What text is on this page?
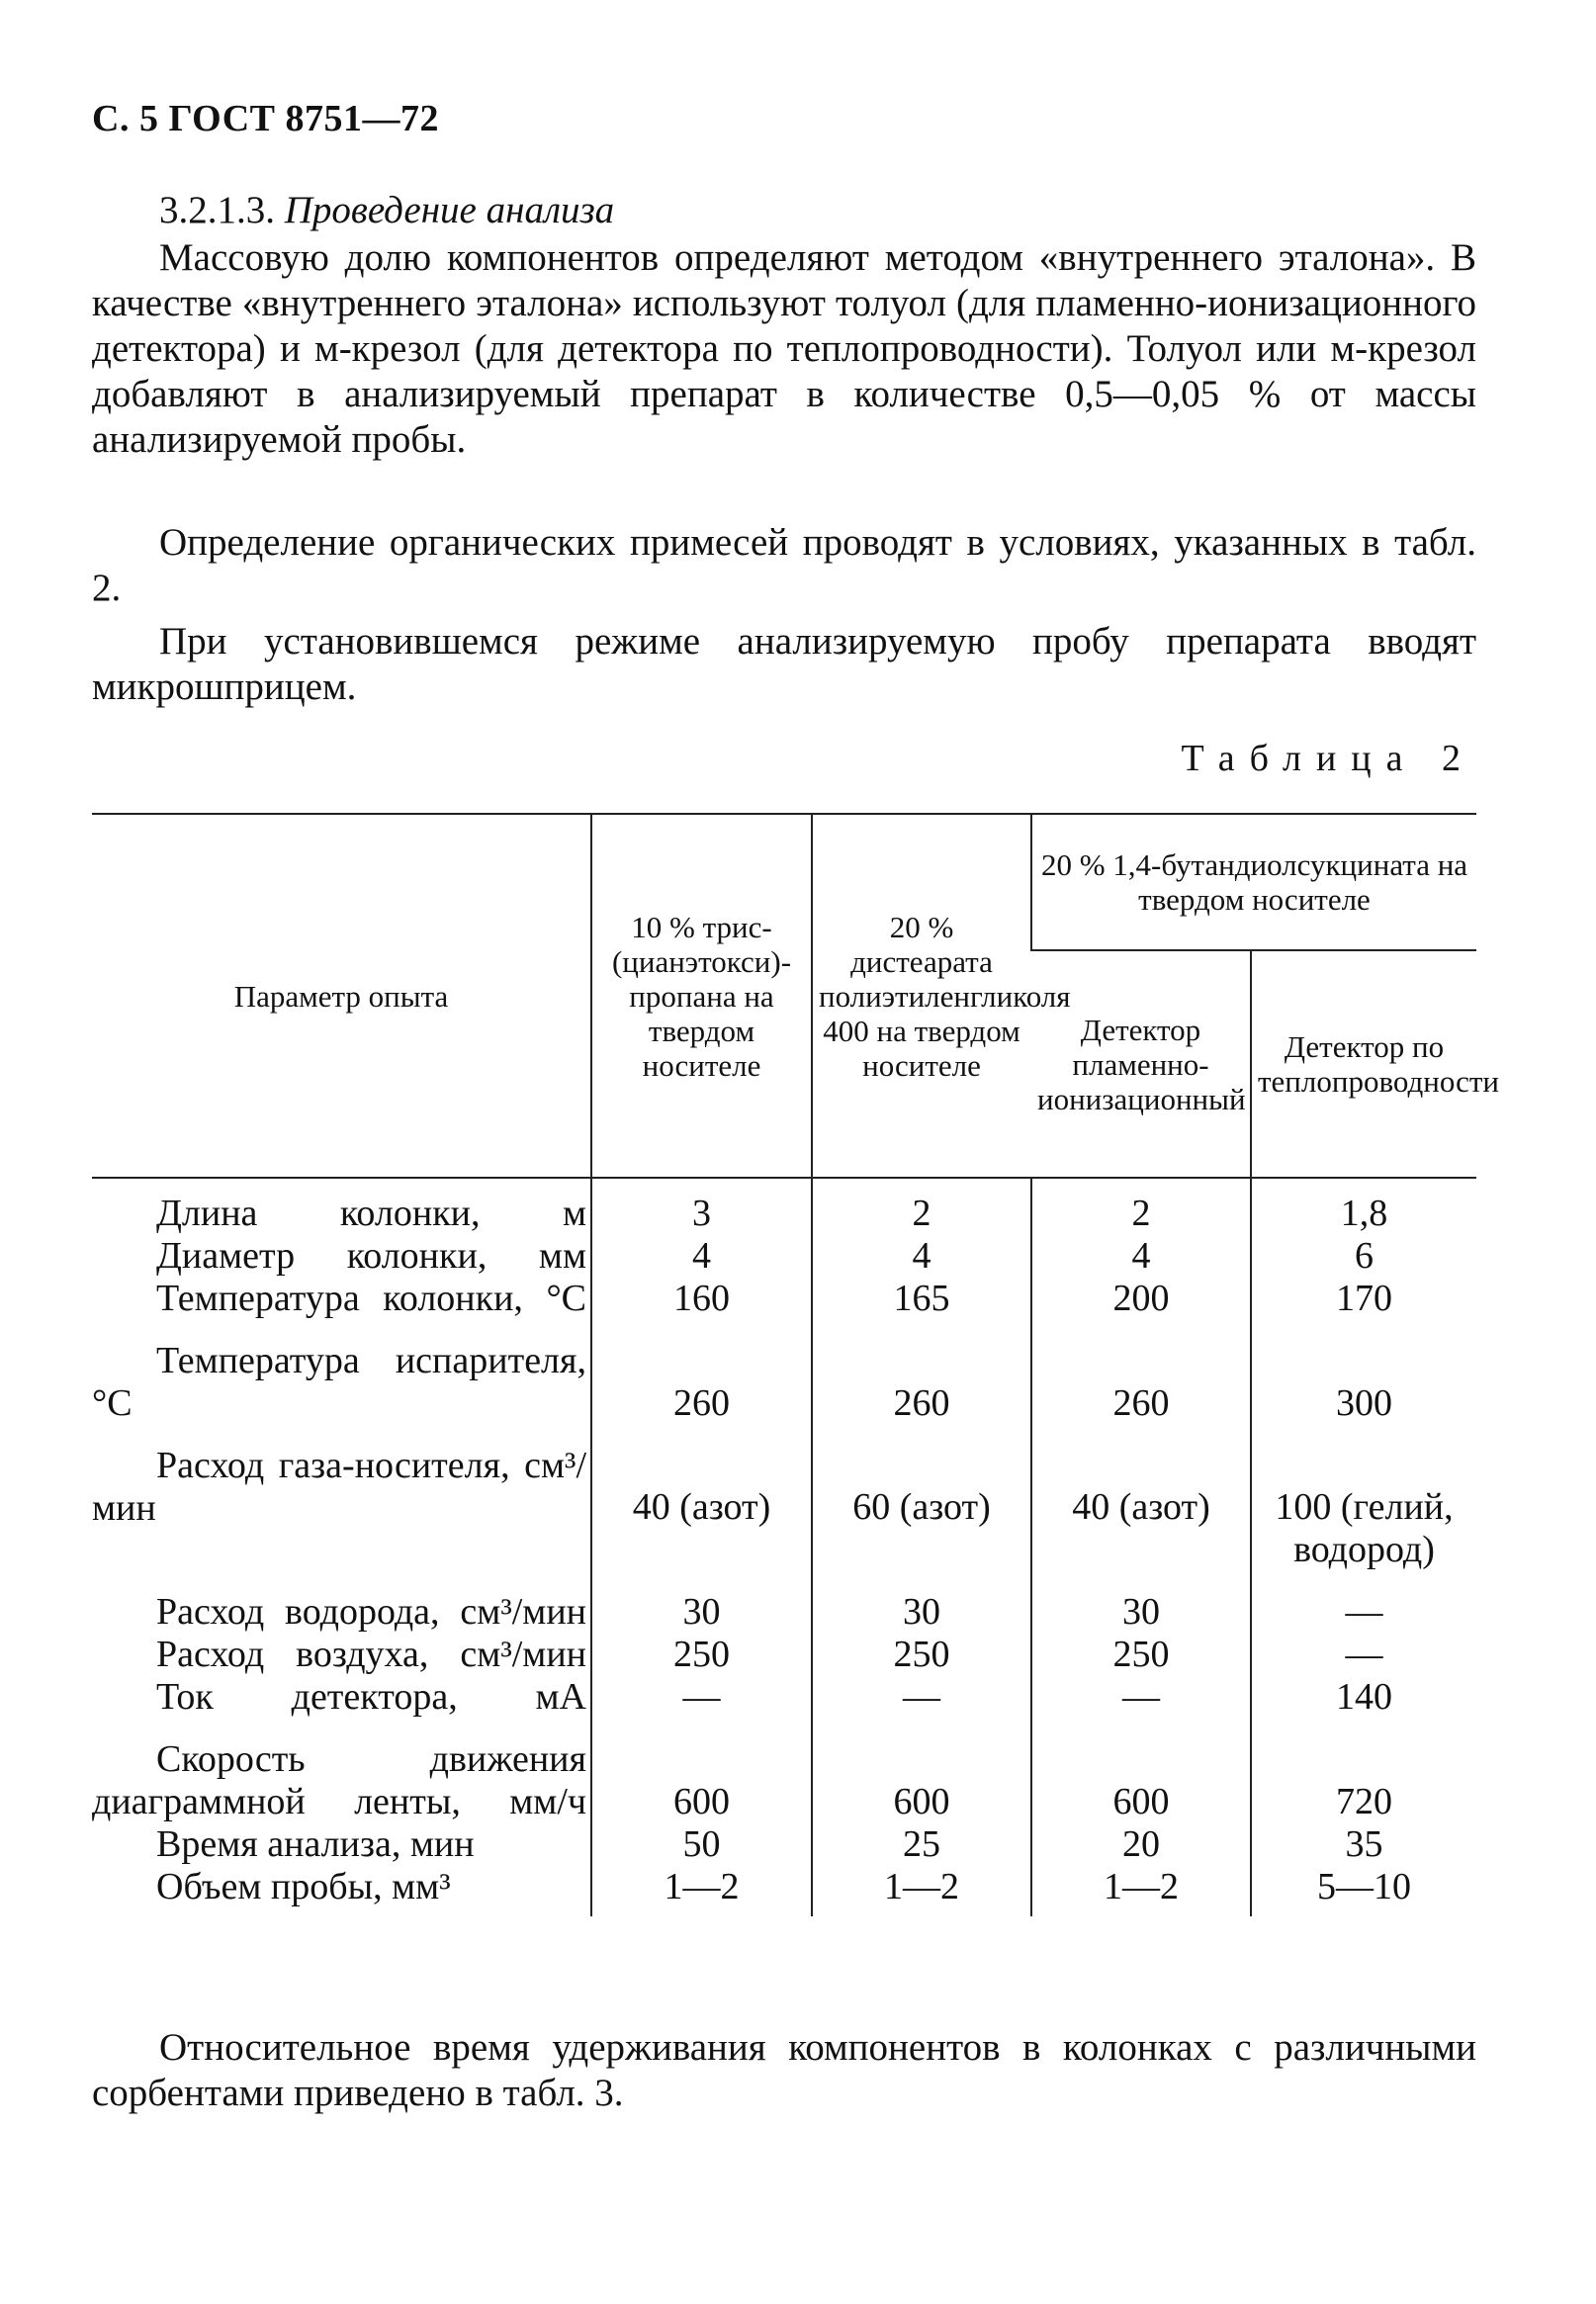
С. 5 ГОСТ 8751—72
3.2.1.3. Проведение анализа
Массовую долю компонентов определяют методом «внутреннего эталона». В качестве «внутреннего эталона» используют толуол (для пламенно-ионизационного детектора) и м-крезол (для детектора по теплопроводности). Толуол или м-крезол добавляют в анализируемый препарат в количестве 0,5—0,05 % от массы анализируемой пробы.
Определение органических примесей проводят в условиях, указанных в табл. 2.
При установившемся режиме анализируемую пробу препарата вводят микрошприцем.
Таблица 2
Параметр опыта	10 % трис-(цианэтокси)-пропана на твердом носителе	20 % дистеарата полиэтиленгликоля 400 на твердом носителе	20 % 1,4-бутандиолсукцината на твердом носителе	
			Детектор пламенно-ионизационный	Детектор по теплопроводности
Длина колонки, м	3	2	2	1,8
Диаметр колонки, мм	4	4	4	6
Температура колонки, °С	160	165	200	170
Температура испарителя, °С	260	260	260	300
Расход газа-носителя, см³/мин	40 (азот)	60 (азот)	40 (азот)	100 (гелий, водород)
Расход водорода, см³/мин	30	30	30	—
Расход воздуха, см³/мин	250	250	250	—
Ток детектора, мА	—	—	—	140
Скорость движения диаграммной ленты, мм/ч	600	600	600	720
Время анализа, мин	50	25	20	35
Объем пробы, мм³	1—2	1—2	1—2	5—10
Относительное время удерживания компонентов в колонках с различными сорбентами приведено в табл. 3.
